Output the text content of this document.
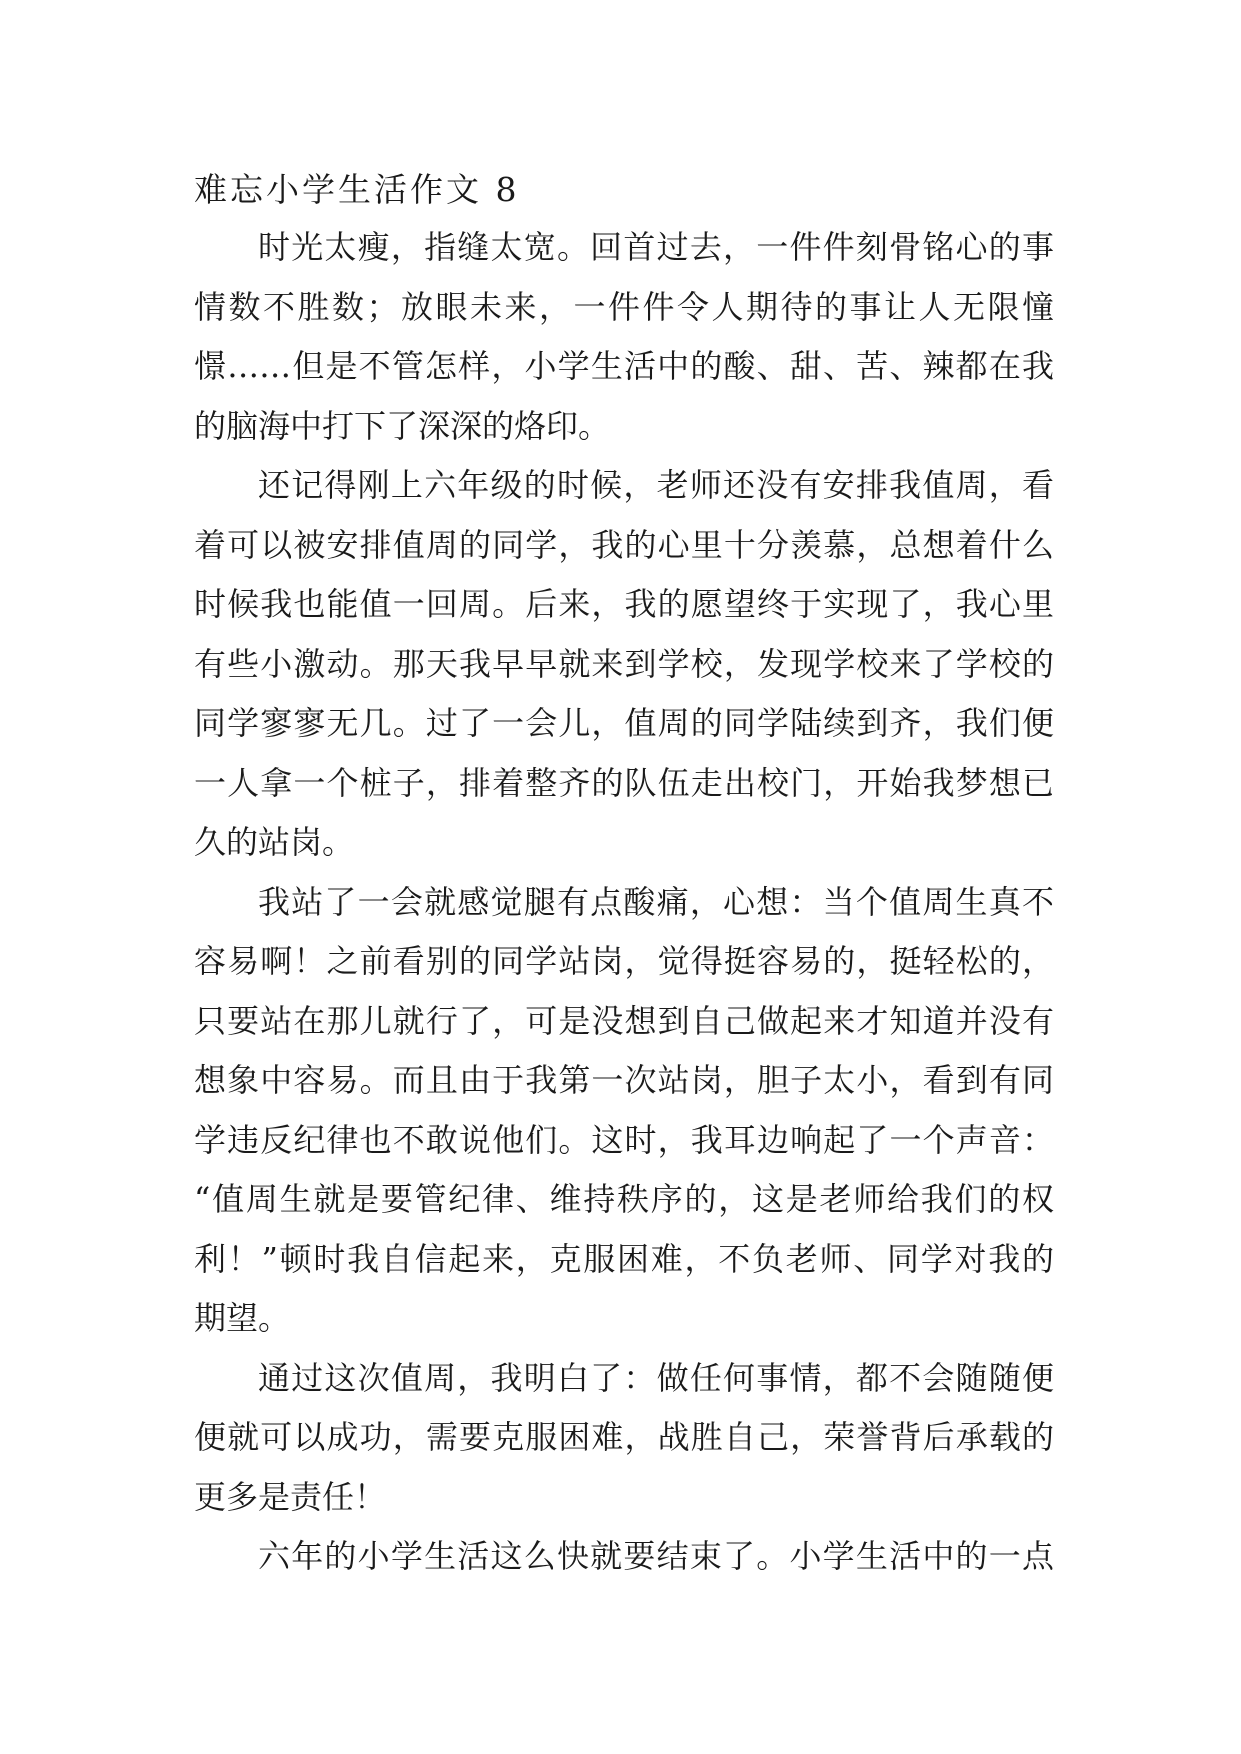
难忘小学生活作文 8
时光太瘦，指缝太宽。回首过去，一件件刻骨铭心的事
情数不胜数；放眼未来，一件件令人期待的事让人无限憧
憬……但是不管怎样，小学生活中的酸、甜、苦、辣都在我
的脑海中打下了深深的烙印。
还记得刚上六年级的时候，老师还没有安排我值周，看
着可以被安排值周的同学，我的心里十分羡慕，总想着什么
时候我也能值一回周。后来，我的愿望终于实现了，我心里
有些小激动。那天我早早就来到学校，发现学校来了学校的
同学寥寥无几。过了一会儿，值周的同学陆续到齐，我们便
一人拿一个桩子，排着整齐的队伍走出校门，开始我梦想已
久的站岗。
我站了一会就感觉腿有点酸痛，心想：当个值周生真不
容易啊！之前看别的同学站岗，觉得挺容易的，挺轻松的，
只要站在那儿就行了，可是没想到自己做起来才知道并没有
想象中容易。而且由于我第一次站岗，胆子太小，看到有同
学违反纪律也不敢说他们。这时，我耳边响起了一个声音：
“值周生就是要管纪律、维持秩序的，这是老师给我们的权
利！”顿时我自信起来，克服困难，不负老师、同学对我的
期望。
通过这次值周，我明白了：做任何事情，都不会随随便
便就可以成功，需要克服困难，战胜自己，荣誉背后承载的
更多是责任！
六年的小学生活这么快就要结束了。小学生活中的一点
